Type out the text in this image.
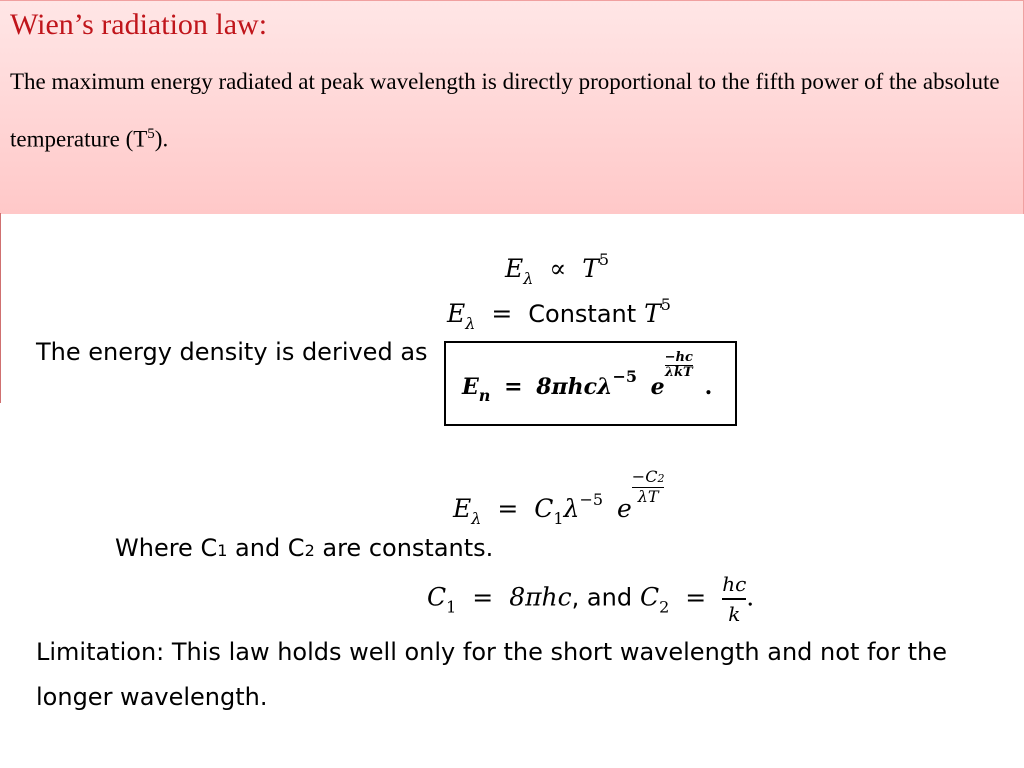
Wien’s radiation law:
The maximum energy radiated at peak wavelength is directly proportional to the fifth power of the absolute temperature $(T^5)$.
$E_\lambda \propto T^5$
$E_\lambda$ = Constant $T^5$
The energy density is derived as
$E_n = 8\pi hc\lambda^{-5}$ e
−hc
λkT
.
$E_\lambda = C_1\lambda^{-5}$ e
−C2
λT
Where C1 and C2 are constants.
$C_1 = 8\pi hc$, and $C_2 = \frac{hc}{k}$ .
Limitation: This law holds well only for the short wavelength and not for the
longer wavelength.
